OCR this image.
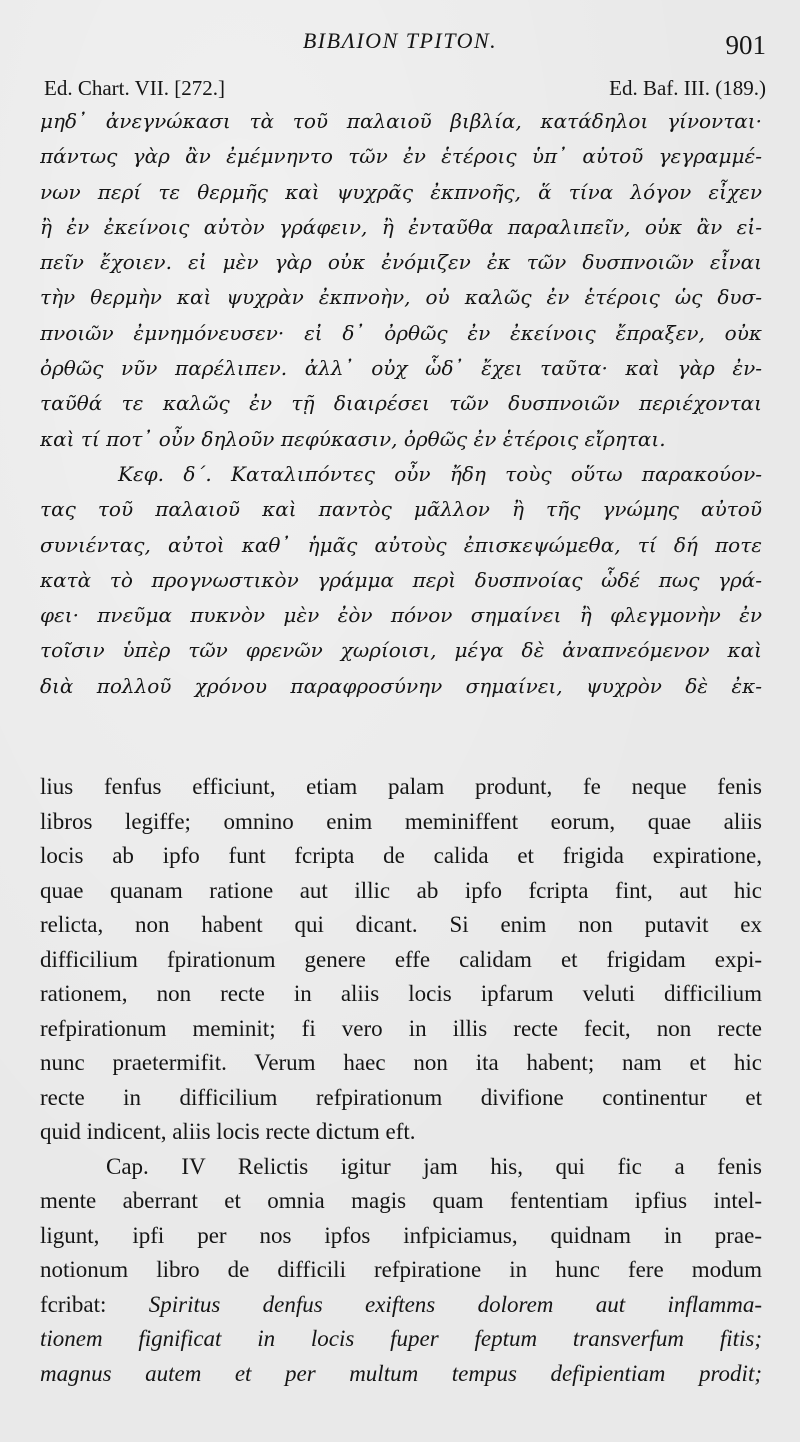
ΒΙΒΛΙΟΝ ΤΡΙΤΟΝ.	901
Ed. Chart. VII. [272.]	Ed. Baf. III. (189.)
μηδ᾽ ἀνεγνώκασι τὰ τοῦ παλαιοῦ βιβλία, κατάδηλοι γίνονται·
πάντως γὰρ ἂν ἐμέμνηντο τῶν ἐν ἑτέροις ὑπ᾽ αὐτοῦ γεγραμμέ-
νων περί τε θερμῆς καὶ ψυχρᾶς ἐκπνοῆς, ἅ τίνα λόγον εἶχεν
ἢ ἐν ἐκείνοις αὐτὸν γράφειν, ἢ ἐνταῦθα παραλιπεῖν, οὐκ ἂν εἰ-
πεῖν ἔχοιεν. εἰ μὲν γὰρ οὐκ ἐνόμιζεν ἐκ τῶν δυσπνοιῶν εἶναι
τὴν θερμὴν καὶ ψυχρὰν ἐκπνοὴν, οὐ καλῶς ἐν ἑτέροις ὡς δυσ-
πνοιῶν ἐμνημόνευσεν· εἰ δ᾽ ὀρθῶς ἐν ἐκείνοις ἔπραξεν, οὐκ
ὀρθῶς νῦν παρέλιπεν. ἀλλ᾽ οὐχ ὧδ᾽ ἔχει ταῦτα· καὶ γὰρ ἐν-
ταῦθά τε καλῶς ἐν τῇ διαιρέσει τῶν δυσπνοιῶν περιέχονται
καὶ τί ποτ᾽ οὖν δηλοῦν πεφύκασιν, ὀρθῶς ἐν ἑτέροις εἴρηται.
Κεφ. δ΄. Καταλιπόντες οὖν ἤδη τοὺς οὕτω παρακούον-
τας τοῦ παλαιοῦ καὶ παντὸς μᾶλλον ἢ τῆς γνώμης αὐτοῦ
συνιέντας, αὐτοὶ καθ᾽ ἡμᾶς αὐτοὺς ἐπισκεψώμεθα, τί δή ποτε
κατὰ τὸ προγνωστικὸν γράμμα περὶ δυσπνοίας ὧδέ πως γρά-
φει· πνεῦμα πυκνὸν μὲν ἐὸν πόνον σημαίνει ἢ φλεγμονὴν ἐν
τοῖσιν ὑπὲρ τῶν φρενῶν χωρίοισι, μέγα δὲ ἀναπνεόμενον καὶ
διὰ πολλοῦ χρόνου παραφροσύνην σημαίνει, ψυχρὸν δὲ ἐκ-
lius fenfus efficiunt, etiam palam produnt, fe neque fenis
libros legiffe; omnino enim meminiffent eorum, quae aliis
locis ab ipfo funt fcripta de calida et frigida expiratione,
quae quanam ratione aut illic ab ipfo fcripta fint, aut hic
relicta, non habent qui dicant. Si enim non putavit ex
difficilium fpirationum genere effe calidam et frigidam expi-
rationem, non recte in aliis locis ipfarum veluti difficilium
refpirationum meminit; fi vero in illis recte fecit, non recte
nunc praetermifit. Verum haec non ita habent; nam et hic
recte in difficilium refpirationum divifione continentur et
quid indicent, aliis locis recte dictum eft.
Cap. IV Relictis igitur jam his, qui fic a fenis
mente aberrant et omnia magis quam fententiam ipfius intel-
ligunt, ipfi per nos ipfos infpiciamus, quidnam in prae-
notionum libro de difficili refpiratione in hunc fere modum
fcribat: Spiritus denfus exiftens dolorem aut inflamma-
tionem fignificat in locis fuper feptum transverfum fitis;
magnus autem et per multum tempus defipientiam prodit;
